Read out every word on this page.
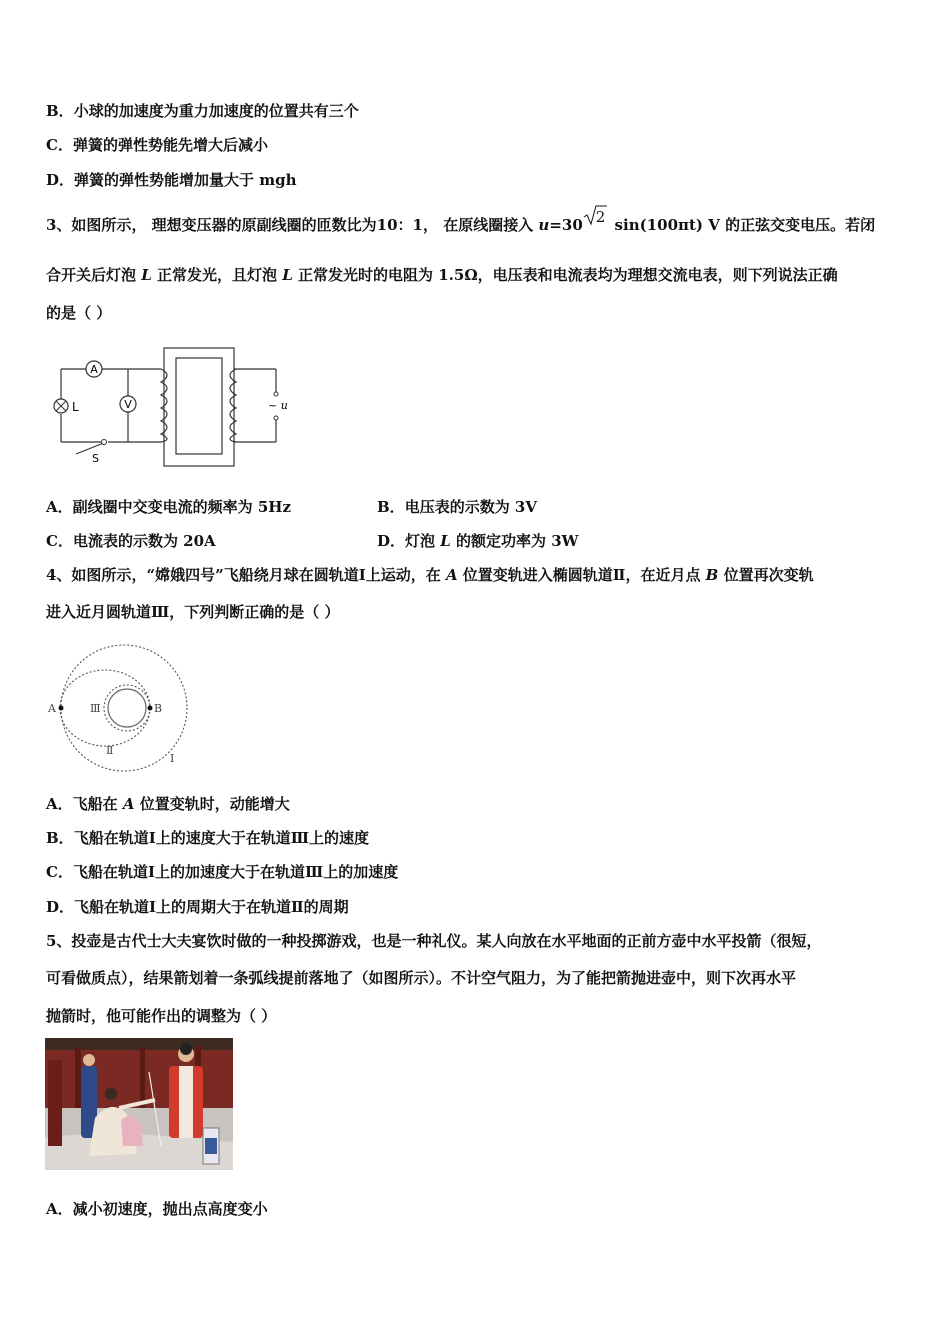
B．小球的加速度为重力加速度的位置共有三个
C．弹簧的弹性势能先增大后减小
D．弹簧的弹性势能增加量大于 mgh
3、如图所示， 理想变压器的原副线圈的匝数比为10：1， 在原线圈接入 u=30 2 sin(100πt) V 的正弦交变电压。若闭
合开关后灯泡 L 正常发光，且灯泡 L 正常发光时的电阻为 1.5Ω，电压表和电流表均为理想交流电表，则下列说法正确
的是（ ）
A
V
L
S
~ u
A．副线圈中交变电流的频率为 5Hz	B．电压表的示数为 3V
C．电流表的示数为 20A	D．灯泡 L 的额定功率为 3W
4、如图所示，“嫦娥四号”飞船绕月球在圆轨道Ⅰ上运动，在 A 位置变轨进入椭圆轨道Ⅱ，在近月点 B 位置再次变轨
进入近月圆轨道Ⅲ，下列判断正确的是（ ）
A	B
Ⅲ
Ⅱ
Ⅰ
A．飞船在 A 位置变轨时，动能增大
B．飞船在轨道Ⅰ上的速度大于在轨道Ⅲ上的速度
C．飞船在轨道Ⅰ上的加速度大于在轨道Ⅲ上的加速度
D．飞船在轨道Ⅰ上的周期大于在轨道Ⅱ的周期
5、投壶是古代士大夫宴饮时做的一种投掷游戏，也是一种礼仪。某人向放在水平地面的正前方壶中水平投箭（很短，
可看做质点），结果箭划着一条弧线提前落地了（如图所示）。不计空气阻力，为了能把箭抛进壶中，则下次再水平
抛箭时，他可能作出的调整为（ ）
A．减小初速度，抛出点高度变小
